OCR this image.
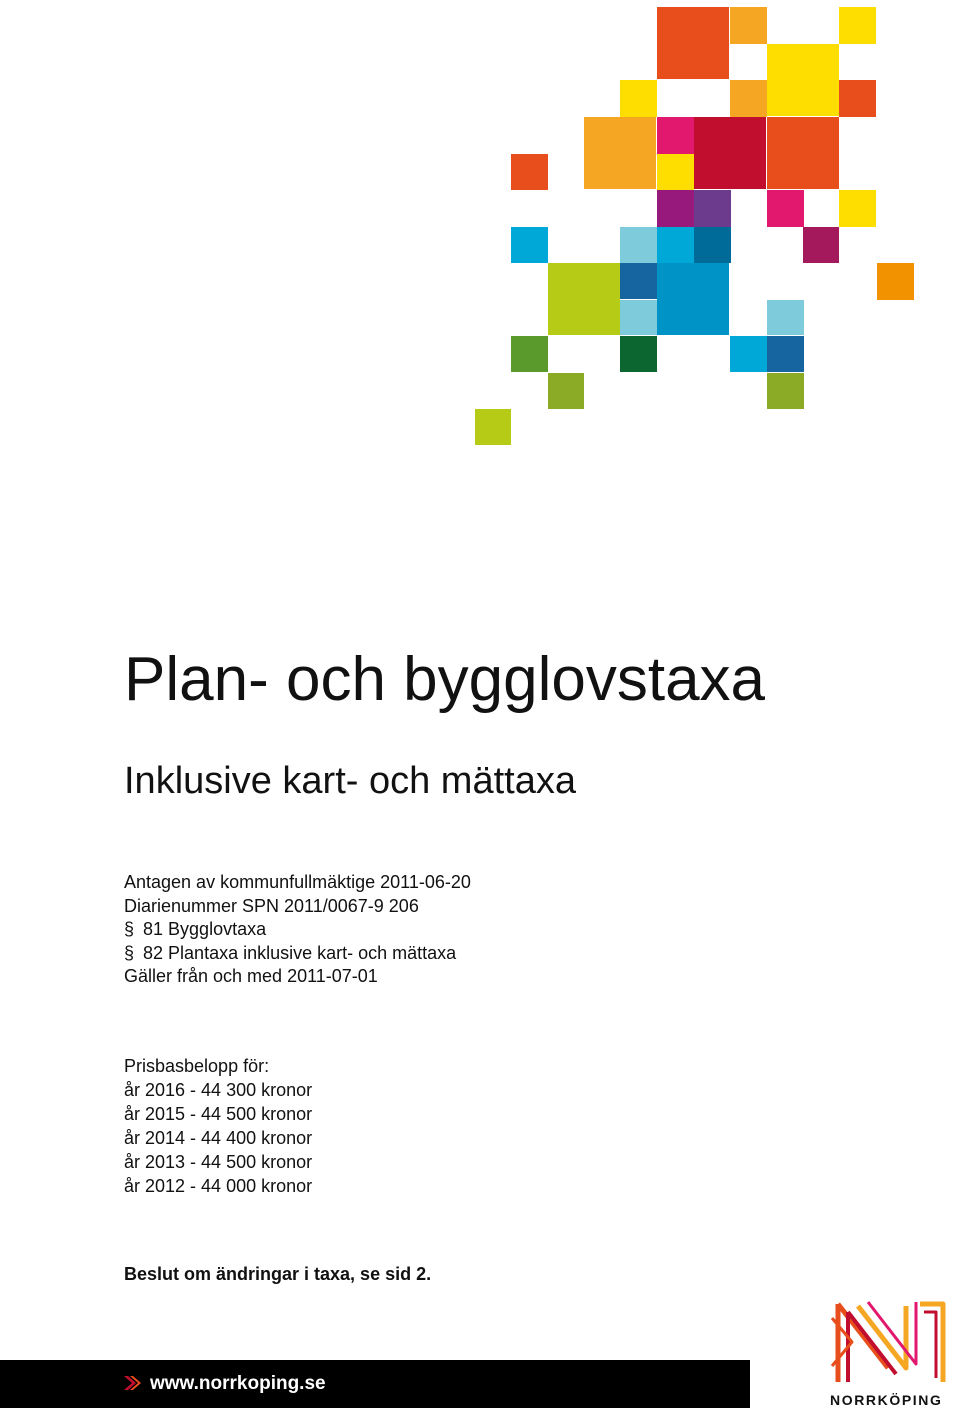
Plan- och bygglovstaxa
Inklusive kart- och mättaxa
Antagen av kommunfullmäktige 2011-06-20
Diarienummer SPN 2011/0067-9 206
§ 81 Bygglovtaxa
§ 82 Plantaxa inklusive kart- och mättaxa
Gäller från och med 2011-07-01
Prisbasbelopp för:
år 2016 - 44 300 kronor
år 2015 - 44 500 kronor
år 2014 - 44 400 kronor
år 2013 - 44 500 kronor
år 2012 - 44 000 kronor
Beslut om ändringar i taxa, se sid 2.
www.norrkoping.se
NORRKÖPING
